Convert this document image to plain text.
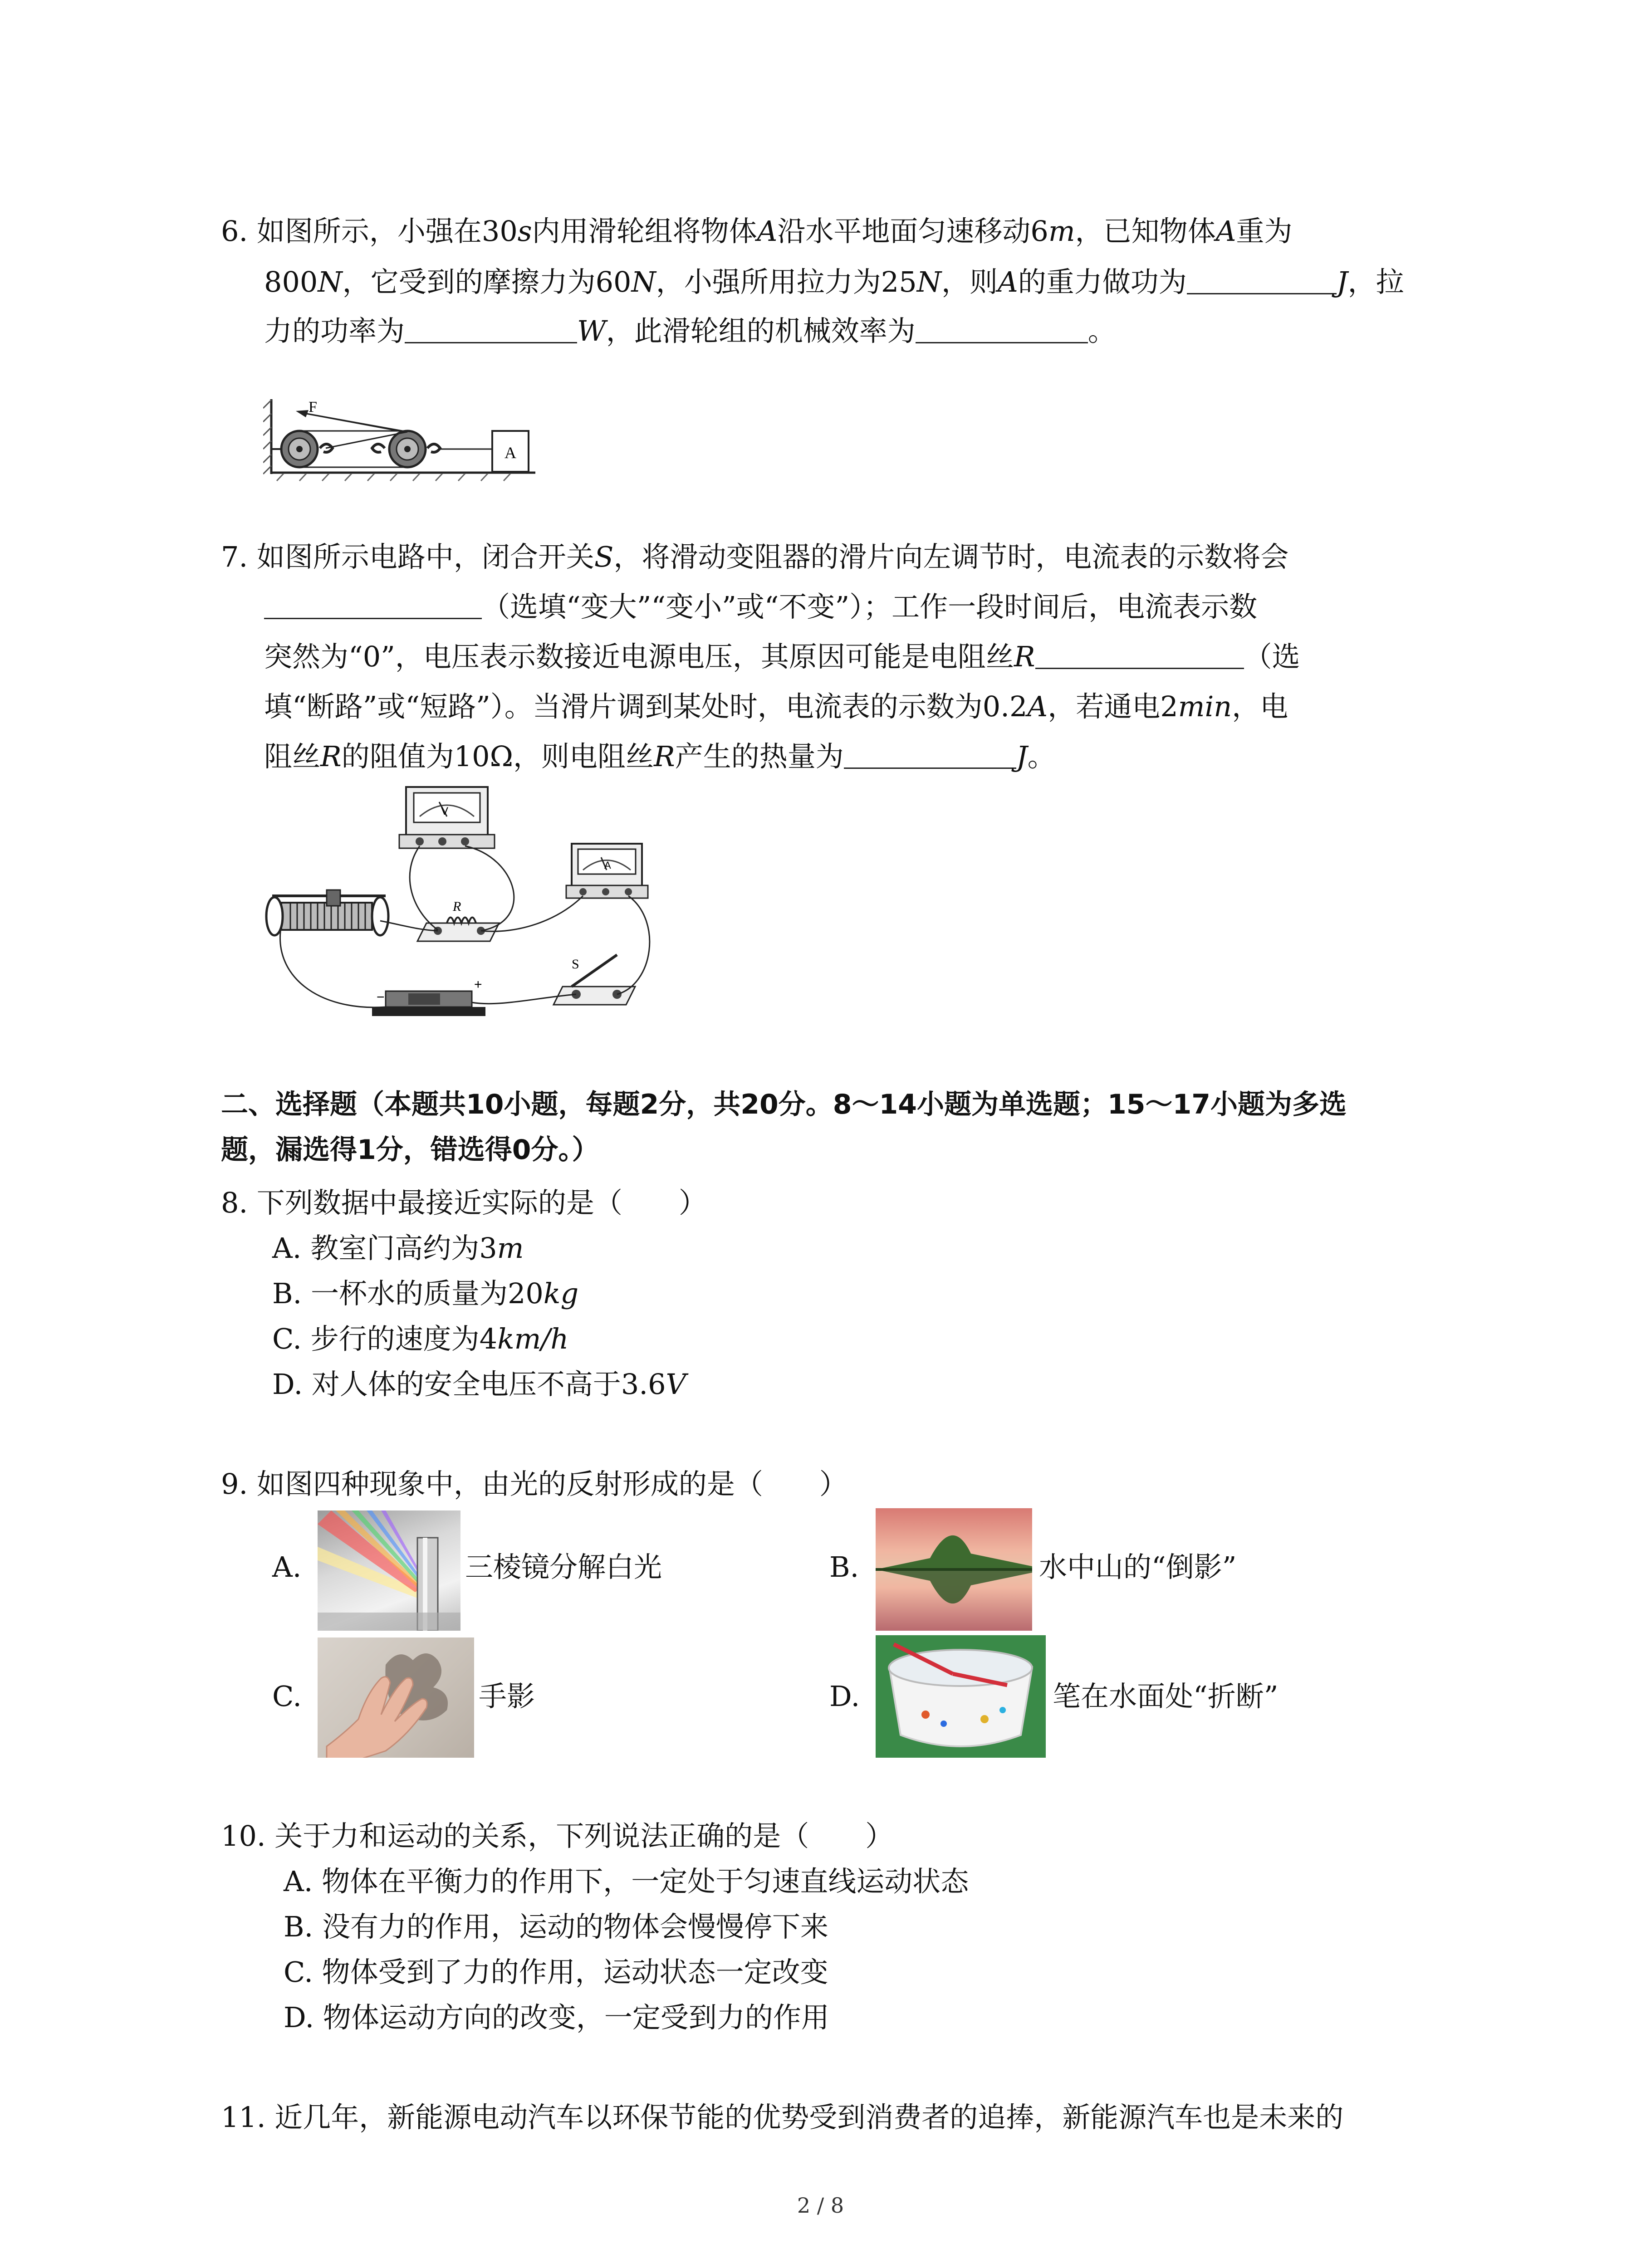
6. 如图所示，小强在30s内用滑轮组将物体A沿水平地面匀速移动6m，已知物体A重为
800N，它受到的摩擦力为60N，小强所用拉力为25N，则A的重力做功为	J，拉
力的功率为	W，此滑轮组的机械效率为	。
F
A
7. 如图所示电路中，闭合开关S，将滑动变阻器的滑片向左调节时，电流表的示数将会
（选填“变大”“变小”或“不变”）；工作一段时间后，电流表示数
突然为“0”，电压表示数接近电源电压，其原因可能是电阻丝R	（选
填“断路”或“短路”）。当滑片调到某处时，电流表的示数为0.2A，若通电2min，电
阻丝R的阻值为10Ω，则电阻丝R产生的热量为	J。
V
A
R
−
+
S
二、选择题（本题共10小题，每题2分，共20分。8～14小题为单选题；15～17小题为多选
题，漏选得1分，错选得0分。）
8. 下列数据中最接近实际的是（　　）
A. 教室门高约为3m
B. 一杯水的质量为20kg
C. 步行的速度为4km/h
D. 对人体的安全电压不高于3.6V
9. 如图四种现象中，由光的反射形成的是（　　）
A.	三棱镜分解白光	B.	水中山的“倒影”
C.	手影	D.	笔在水面处“折断”
10. 关于力和运动的关系，下列说法正确的是（　　）
A. 物体在平衡力的作用下，一定处于匀速直线运动状态
B. 没有力的作用，运动的物体会慢慢停下来
C. 物体受到了力的作用，运动状态一定改变
D. 物体运动方向的改变，一定受到力的作用
11. 近几年，新能源电动汽车以环保节能的优势受到消费者的追捧，新能源汽车也是未来的
2 / 8
